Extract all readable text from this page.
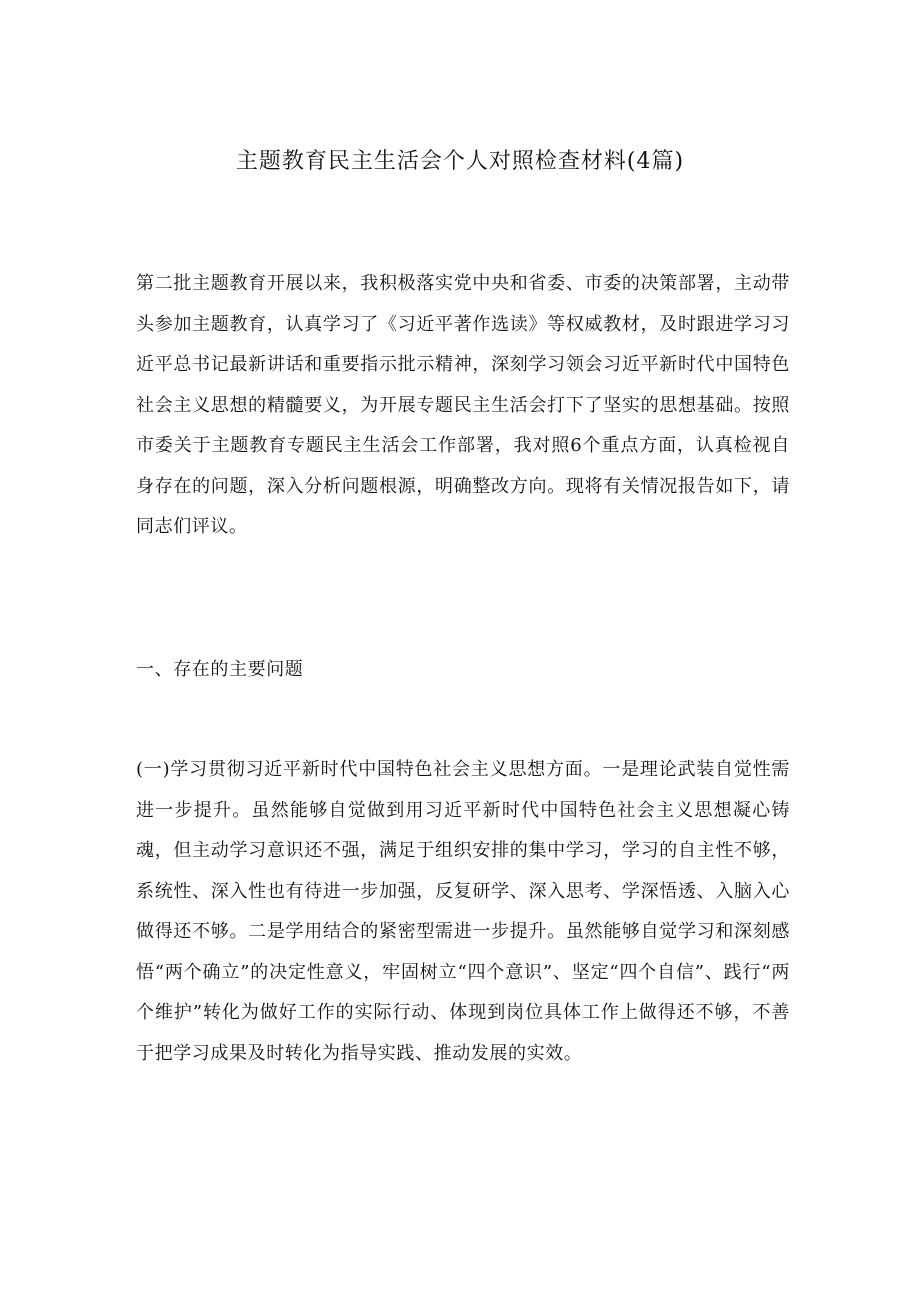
主题教育民主生活会个人对照检查材料(4篇)

第二批主题教育开展以来，我积极落实党中央和省委、市委的决策部署，主动带头参加主题教育，认真学习了《习近平著作选读》等权威教材，及时跟进学习习近平总书记最新讲话和重要指示批示精神，深刻学习领会习近平新时代中国特色社会主义思想的精髓要义，为开展专题民主生活会打下了坚实的思想基础。按照市委关于主题教育专题民主生活会工作部署，我对照6个重点方面，认真检视自身存在的问题，深入分析问题根源，明确整改方向。现将有关情况报告如下，请同志们评议。

一、存在的主要问题

(一)学习贯彻习近平新时代中国特色社会主义思想方面。一是理论武装自觉性需进一步提升。虽然能够自觉做到用习近平新时代中国特色社会主义思想凝心铸魂，但主动学习意识还不强，满足于组织安排的集中学习，学习的自主性不够，系统性、深入性也有待进一步加强，反复研学、深入思考、学深悟透、入脑入心做得还不够。二是学用结合的紧密型需进一步提升。虽然能够自觉学习和深刻感悟“两个确立”的决定性意义，牢固树立“四个意识”、坚定“四个自信”、践行“两个维护”转化为做好工作的实际行动、体现到岗位具体工作上做得还不够，不善于把学习成果及时转化为指导实践、推动发展的实效。
